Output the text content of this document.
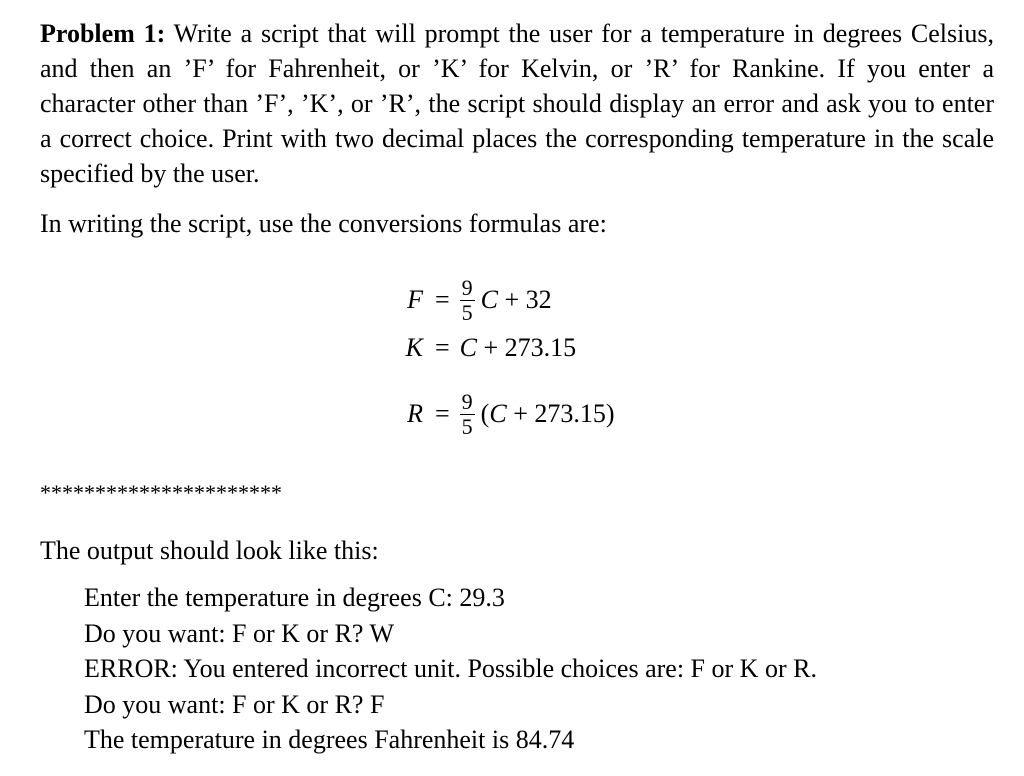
Problem 1: Write a script that will prompt the user for a temperature in degrees Celsius, and then an ’F’ for Fahrenheit, or ’K’ for Kelvin, or ’R’ for Rankine. If you enter a character other than ’F’, ’K’, or ’R’, the script should display an error and ask you to enter a correct choice. Print with two decimal places the corresponding temperature in the scale specified by the user.
In writing the script, use the conversions formulas are:
$F = \frac{9}{5}$ C + 32
K = C + 273.15
$R = \frac{9}{5}$ ( C + 273.15)
**********************
The output should look like this:
Enter the temperature in degrees C: 29.3
Do you want: F or K or R? W
ERROR: You entered incorrect unit. Possible choices are: F or K or R.
Do you want: F or K or R? F
The temperature in degrees Fahrenheit is 84.74
